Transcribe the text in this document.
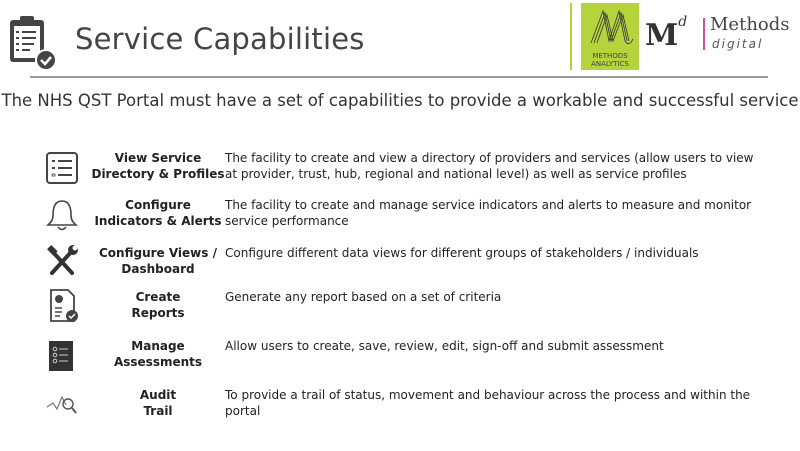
Service Capabilities	METHODS
ANALYTICS
$M^d$ Methods
digital
The NHS QST Portal must have a set of capabilities to provide a workable and successful service
View Service
Directory & Profiles
The facility to create and view a directory of providers and services (allow users to view at provider, trust, hub, regional and national level) as well as service profiles
Configure
Indicators & Alerts
The facility to create and manage service indicators and alerts to measure and monitor service performance
Configure Views /
Dashboard
Configure different data views for different groups of stakeholders / individuals
Create
Reports
Generate any report based on a set of criteria
Manage
Assessments
Allow users to create, save, review, edit, sign-off and submit assessment
Audit
Trail
To provide a trail of status, movement and behaviour across the process and within the portal
